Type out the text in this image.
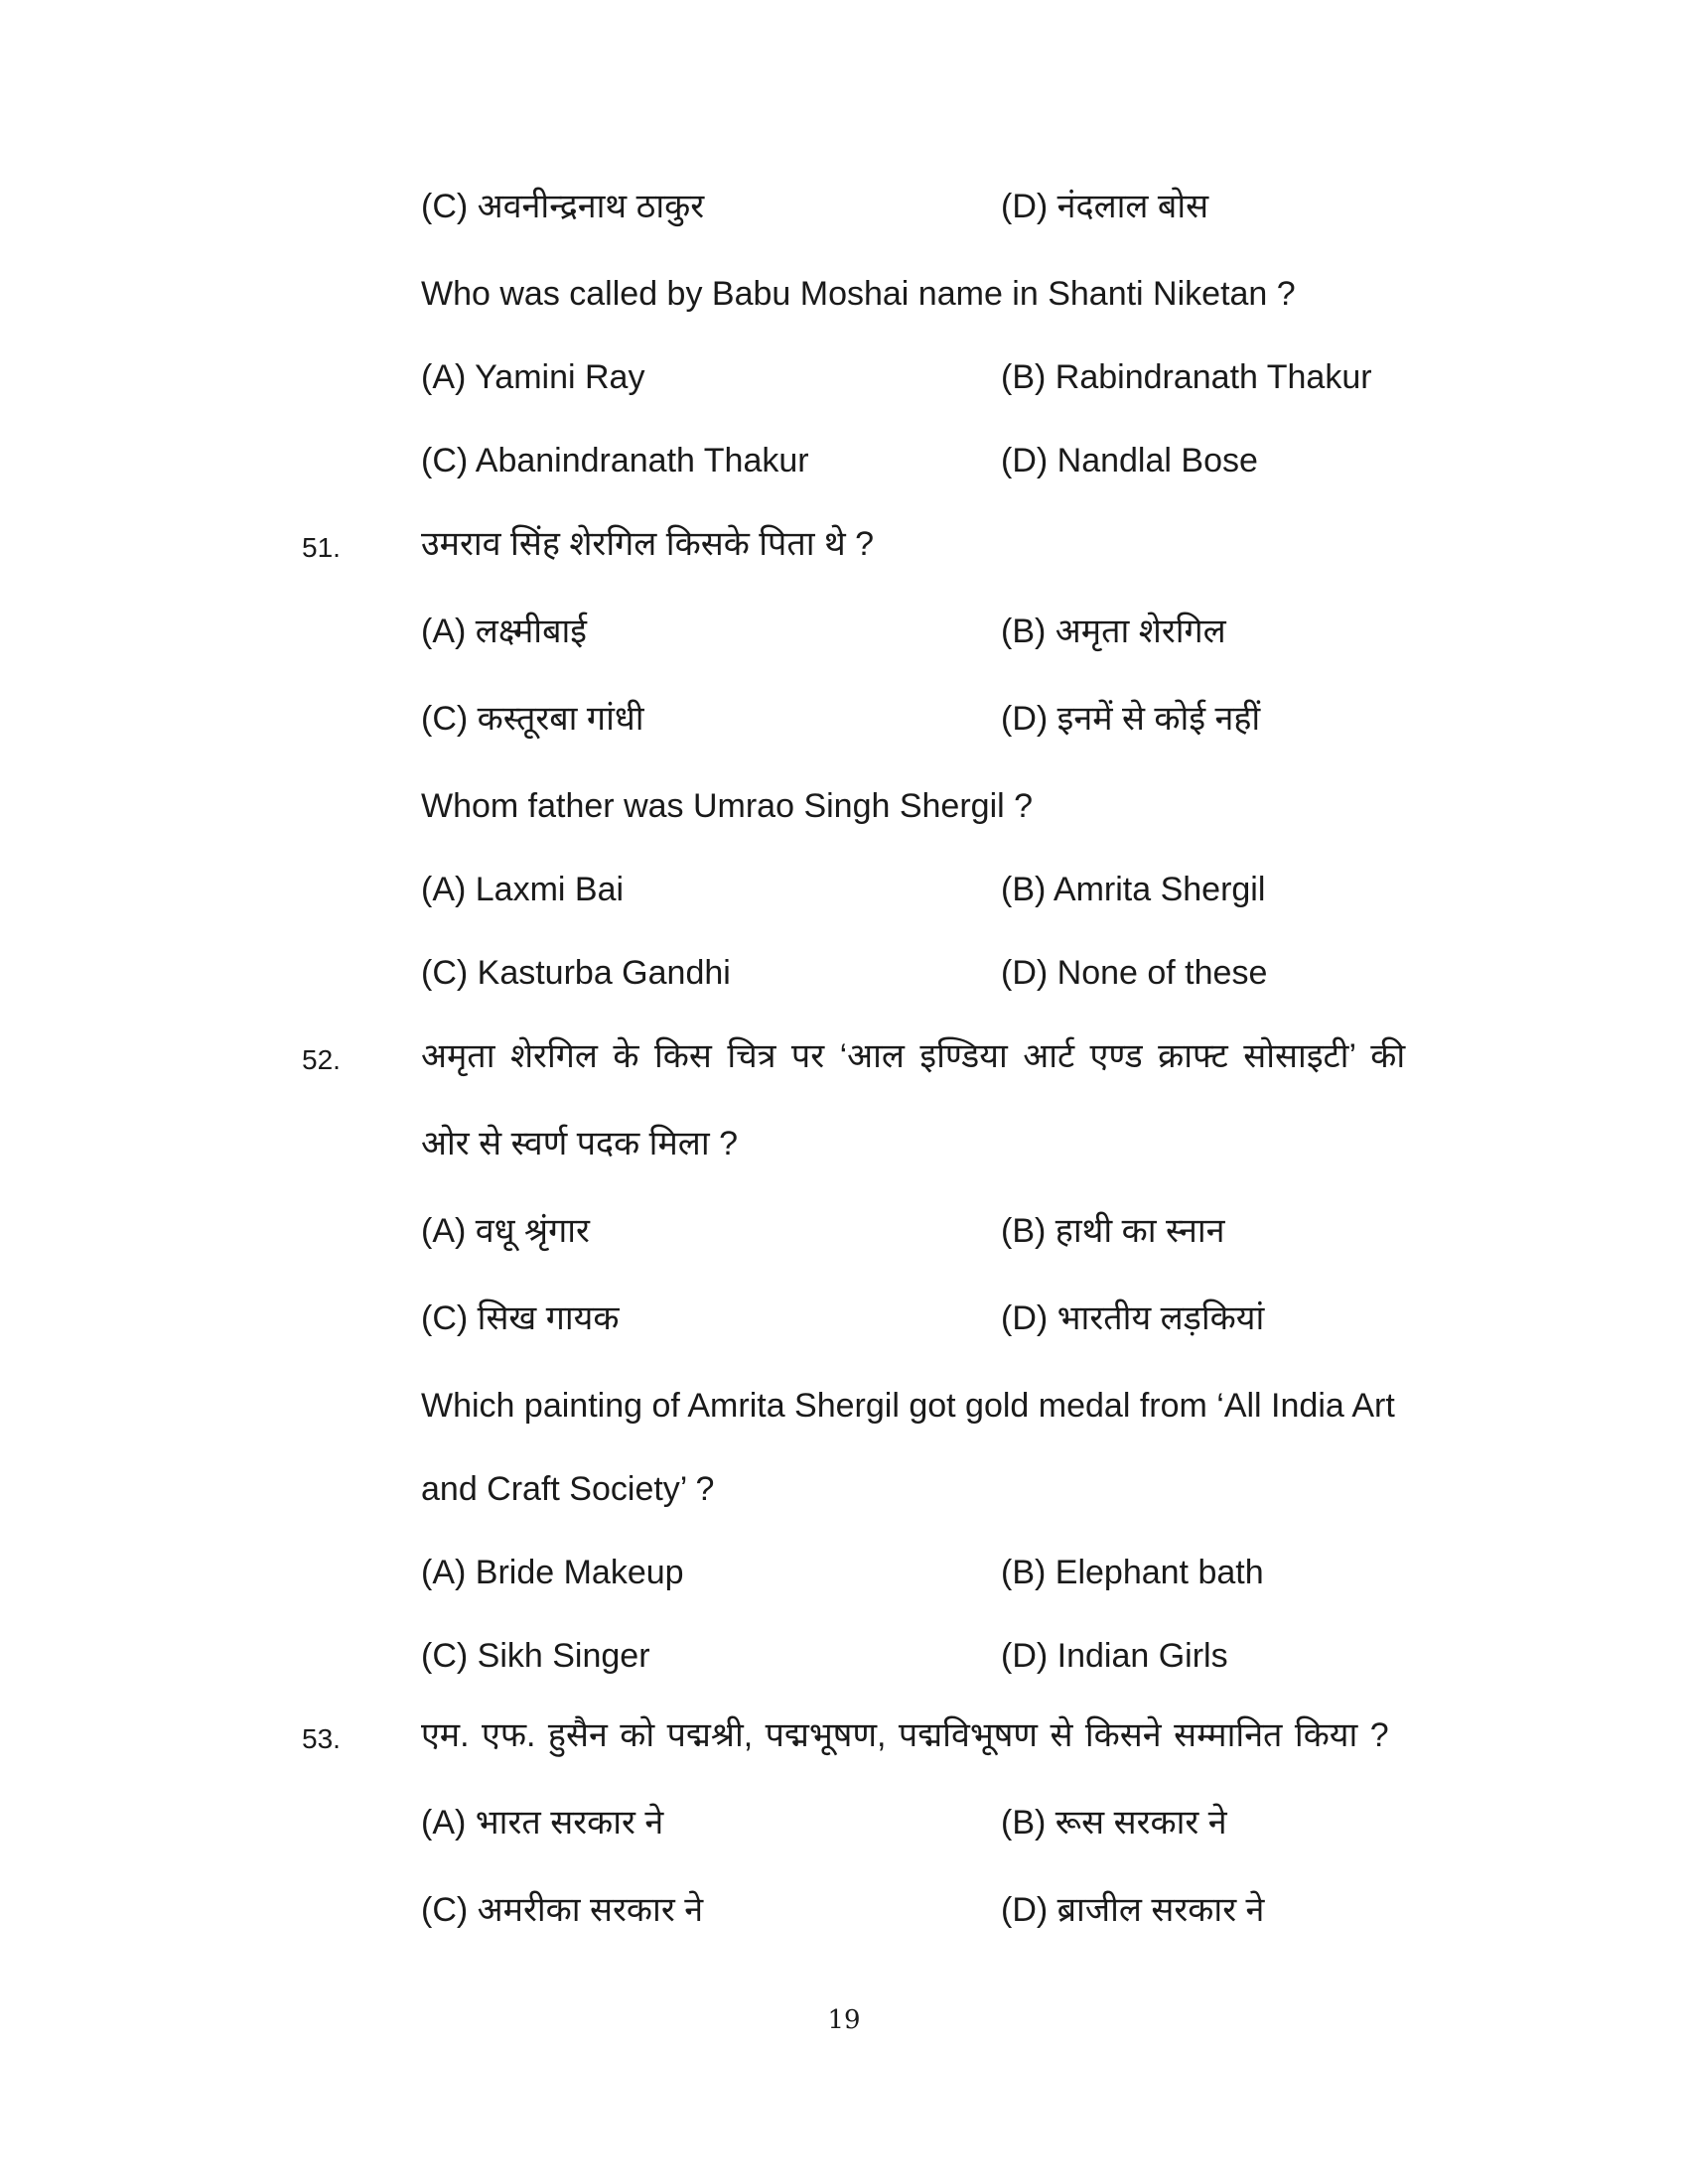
(C) अवनीन्द्रनाथ ठाकुर	(D) नंदलाल बोस
Who was called by Babu Moshai name in Shanti Niketan ?
(A) Yamini Ray	(B) Rabindranath Thakur
(C) Abanindranath Thakur	(D) Nandlal Bose
51. उमराव सिंह शेरगिल किसके पिता थे ?
(A) लक्ष्मीबाई	(B) अमृता शेरगिल
(C) कस्तूरबा गांधी	(D) इनमें से कोई नहीं
Whom father was Umrao Singh Shergil ?
(A) Laxmi Bai	(B) Amrita Shergil
(C) Kasturba Gandhi	(D) None of these
52. अमृता शेरगिल के किस चित्र पर ‘आल इण्डिया आर्ट एण्ड क्राफ्ट सोसाइटी’ की
ओर से स्वर्ण पदक मिला ?
(A) वधू श्रृंगार	(B) हाथी का स्नान
(C) सिख गायक	(D) भारतीय लड़कियां
Which painting of Amrita Shergil got gold medal from ‘All India Art
and Craft Society’ ?
(A) Bride Makeup	(B) Elephant bath
(C) Sikh Singer	(D) Indian Girls
53. एम. एफ. हुसैन को पद्मश्री, पद्मभूषण, पद्मविभूषण से किसने सम्मानित किया ?
(A) भारत सरकार ने	(B) रूस सरकार ने
(C) अमरीका सरकार ने	(D) ब्राजील सरकार ने
19
